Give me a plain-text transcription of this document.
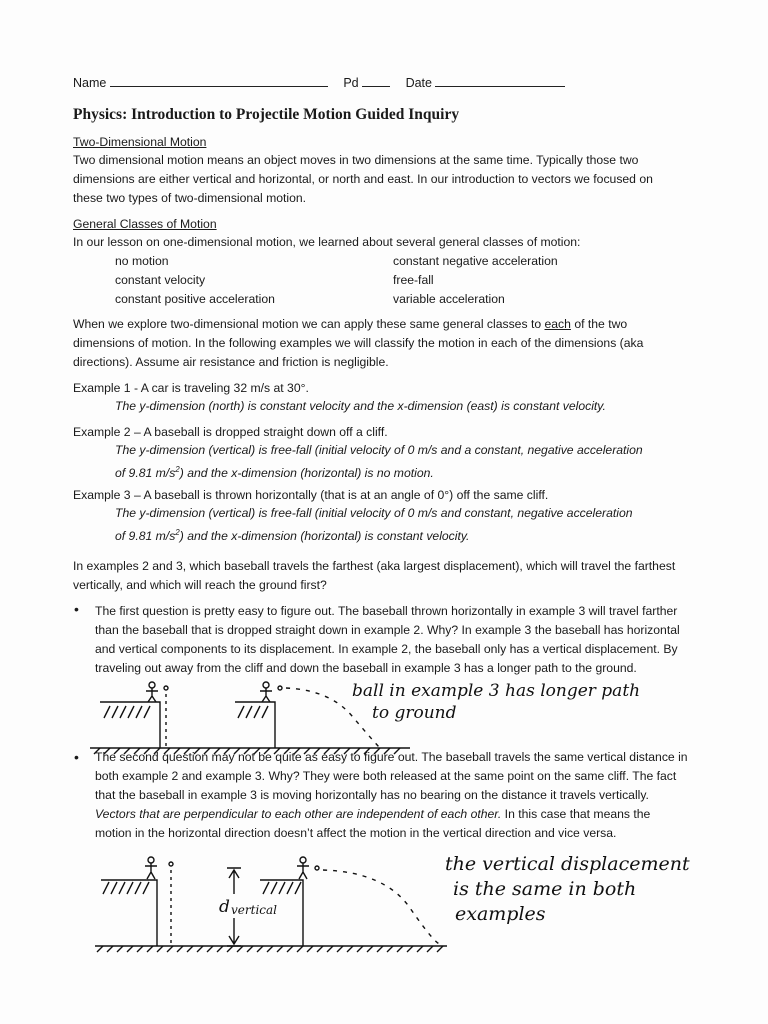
Name	Pd	Date
Physics: Introduction to Projectile Motion Guided Inquiry
Two-Dimensional Motion
Two dimensional motion means an object moves in two dimensions at the same time. Typically those two
dimensions are either vertical and horizontal, or north and east. In our introduction to vectors we focused on
these two types of two-dimensional motion.
General Classes of Motion
In our lesson on one-dimensional motion, we learned about several general classes of motion:
no motion
constant velocity
constant positive acceleration
constant negative acceleration
free-fall
variable acceleration
When we explore two-dimensional motion we can apply these same general classes to each of the two
dimensions of motion. In the following examples we will classify the motion in each of the dimensions (aka
directions). Assume air resistance and friction is negligible.
Example 1 - A car is traveling 32 m/s at 30°.
The y-dimension (north) is constant velocity and the x-dimension (east) is constant velocity.
Example 2 – A baseball is dropped straight down off a cliff.
The y-dimension (vertical) is free-fall (initial velocity of 0 m/s and a constant, negative acceleration
of 9.81 $m/s^2$) and the x-dimension (horizontal) is no motion.
Example 3 – A baseball is thrown horizontally (that is at an angle of 0°) off the same cliff.
The y-dimension (vertical) is free-fall (initial velocity of 0 m/s and constant, negative acceleration
of 9.81 $m/s^2$) and the x-dimension (horizontal) is constant velocity.
In examples 2 and 3, which baseball travels the farthest (aka largest displacement), which will travel the farthest
vertically, and which will reach the ground first?
• The first question is pretty easy to figure out. The baseball thrown horizontally in example 3 will travel farther
than the baseball that is dropped straight down in example 2. Why? In example 3 the baseball has horizontal
and vertical components to its displacement. In example 2, the baseball only has a vertical displacement. By
traveling out away from the cliff and down the baseball in example 3 has a longer path to the ground.
ball in example 3 has longer path
to ground
• The second question may not be quite as easy to figure out. The baseball travels the same vertical distance in
both example 2 and example 3. Why? They were both released at the same point on the same cliff. The fact
that the baseball in example 3 is moving horizontally has no bearing on the distance it travels vertically.
Vectors that are perpendicular to each other are independent of each other. In this case that means the
motion in the horizontal direction doesn’t affect the motion in the vertical direction and vice versa.
d vertical
the vertical displacement
is the same in both
examples
